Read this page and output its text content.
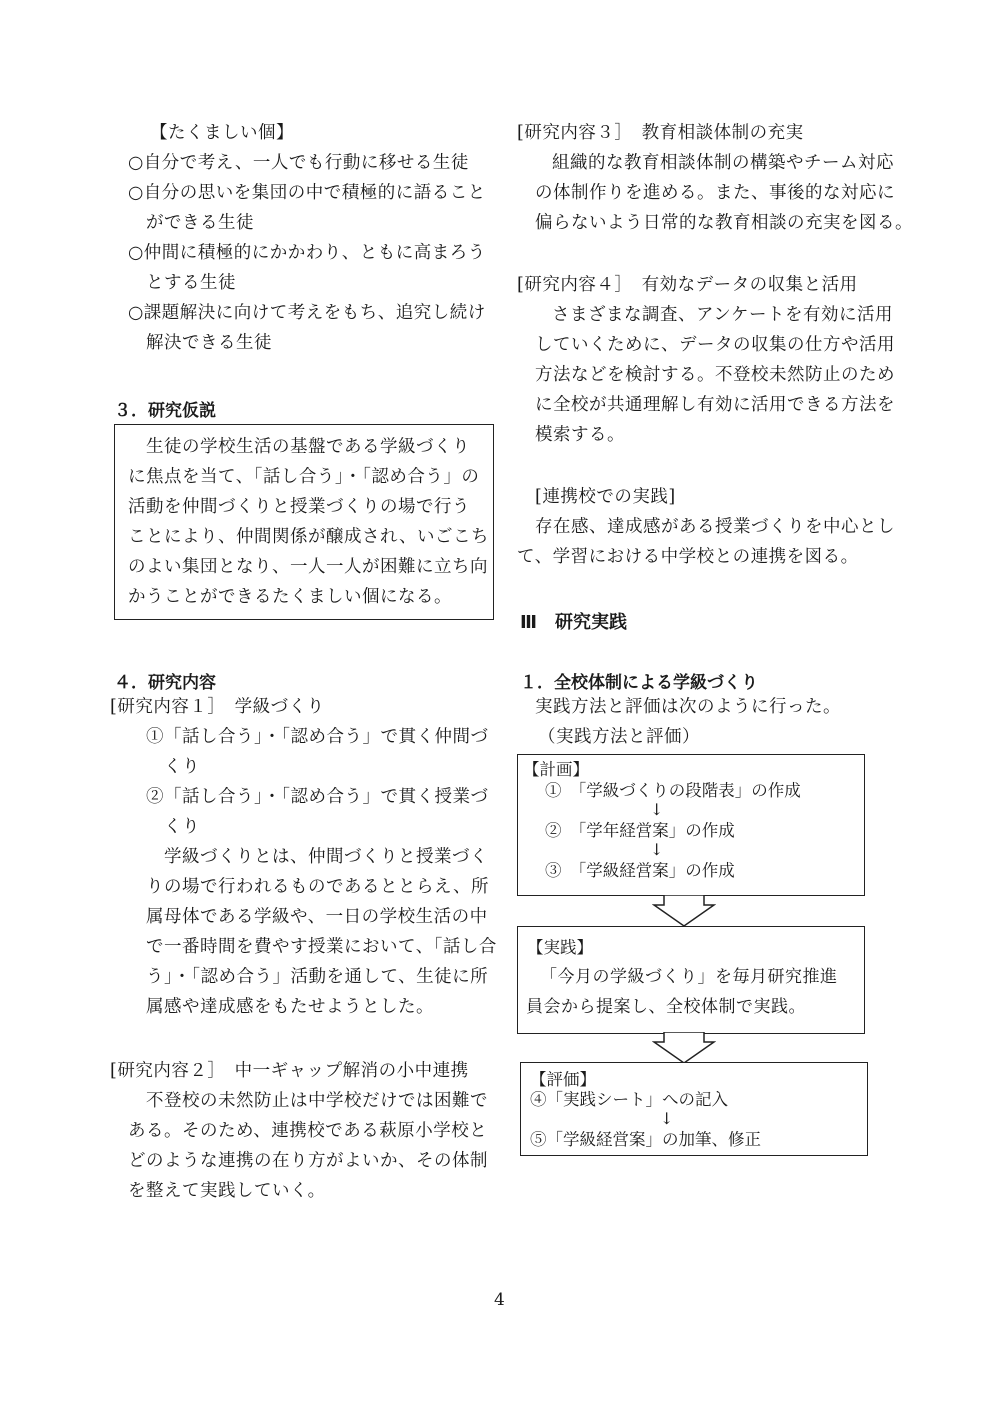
【たくましい個】
○自分で考え、一人でも行動に移せる生徒
○自分の思いを集団の中で積極的に語ること
ができる生徒
○仲間に積極的にかかわり、ともに高まろう
とする生徒
○課題解決に向けて考えをもち、追究し続け
解決できる生徒
３．研究仮説
生徒の学校生活の基盤である学級づくり
に焦点を当て、「話し合う」・「認め合う」の
活動を仲間づくりと授業づくりの場で行う
ことにより、仲間関係が醸成され、いごこち
のよい集団となり、一人一人が困難に立ち向
かうことができるたくましい個になる。
４．研究内容
[研究内容１］　学級づくり
①「話し合う」・「認め合う」で貫く仲間づ
くり
②「話し合う」・「認め合う」で貫く授業づ
くり
学級づくりとは、仲間づくりと授業づく
りの場で行われるものであるととらえ、所
属母体である学級や、一日の学校生活の中
で一番時間を費やす授業において、「話し合
う」・「認め合う」活動を通して、生徒に所
属感や達成感をもたせようとした。
[研究内容２］　中一ギャップ解消の小中連携
不登校の未然防止は中学校だけでは困難で
ある。そのため、連携校である萩原小学校と
どのような連携の在り方がよいか、その体制
を整えて実践していく。
[研究内容３］　教育相談体制の充実
組織的な教育相談体制の構築やチーム対応
の体制作りを進める。また、事後的な対応に
偏らないよう日常的な教育相談の充実を図る。
[研究内容４］　有効なデータの収集と活用
さまざまな調査、アンケートを有効に活用
していくために、データの収集の仕方や活用
方法などを検討する。不登校未然防止のため
に全校が共通理解し有効に活用できる方法を
模索する。
[連携校での実践]
存在感、達成感がある授業づくりを中心とし
て、学習における中学校との連携を図る。
Ⅲ　研究実践
１．全校体制による学級づくり
実践方法と評価は次のように行った。
（実践方法と評価）
【計画】
①　「学級づくりの段階表」の作成
↓
②　「学年経営案」の作成
↓
③　「学級経営案」の作成
【実践】
「今月の学級づくり」を毎月研究推進
員会から提案し、全校体制で実践。
【評価】
④「実践シート」への記入
↓
⑤「学級経営案」の加筆、修正
4
